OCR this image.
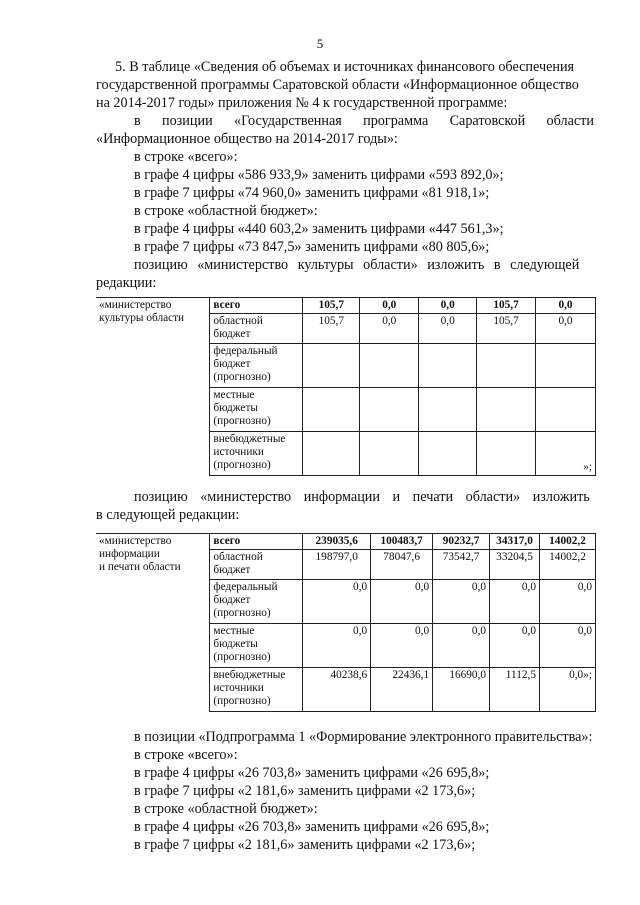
5
5. В таблице «Сведения об объемах и источниках финансового обеспечения
государственной программы Саратовской области «Информационное общество
на 2014-2017 годы» приложения № 4 к государственной программе:
в позиции «Государственная программа Саратовской области
«Информационное общество на 2014-2017 годы»:
в строке «всего»:
в графе 4 цифры «586 933,9» заменить цифрами «593 892,0»;
в графе 7 цифры «74 960,0» заменить цифрами «81 918,1»;
в строке «областной бюджет»:
в графе 4 цифры «440 603,2» заменить цифрами «447 561,3»;
в графе 7 цифры «73 847,5» заменить цифрами «80 805,6»;
позицию «министерство культуры области» изложить в следующей
редакции:
«министерство
культуры области	всего	105,7	0,0	0,0	105,7	0,0
	областной бюджет	105,7	0,0	0,0	105,7	0,0
	федеральный бюджет (прогнозно)					
	местные бюджеты (прогнозно)					
	внебюджетные источники (прогнозно)					»;
позицию «министерство информации и печати области» изложить
в следующей редакции:
«министерство
информации
и печати области	всего	239035,6	100483,7	90232,7	34317,0	14002,2
	областной бюджет	198797,0	78047,6	73542,7	33204,5	14002,2
	федеральный бюджет (прогнозно)	0,0	0,0	0,0	0,0	0,0
	местные бюджеты (прогнозно)	0,0	0,0	0,0	0,0	0,0
	внебюджетные источники (прогнозно)	40238,6	22436,1	16690,0	1112,5	0,0»;
в позиции «Подпрограмма 1 «Формирование электронного правительства»:
в строке «всего»:
в графе 4 цифры «26 703,8» заменить цифрами «26 695,8»;
в графе 7 цифры «2 181,6» заменить цифрами «2 173,6»;
в строке «областной бюджет»:
в графе 4 цифры «26 703,8» заменить цифрами «26 695,8»;
в графе 7 цифры «2 181,6» заменить цифрами «2 173,6»;
